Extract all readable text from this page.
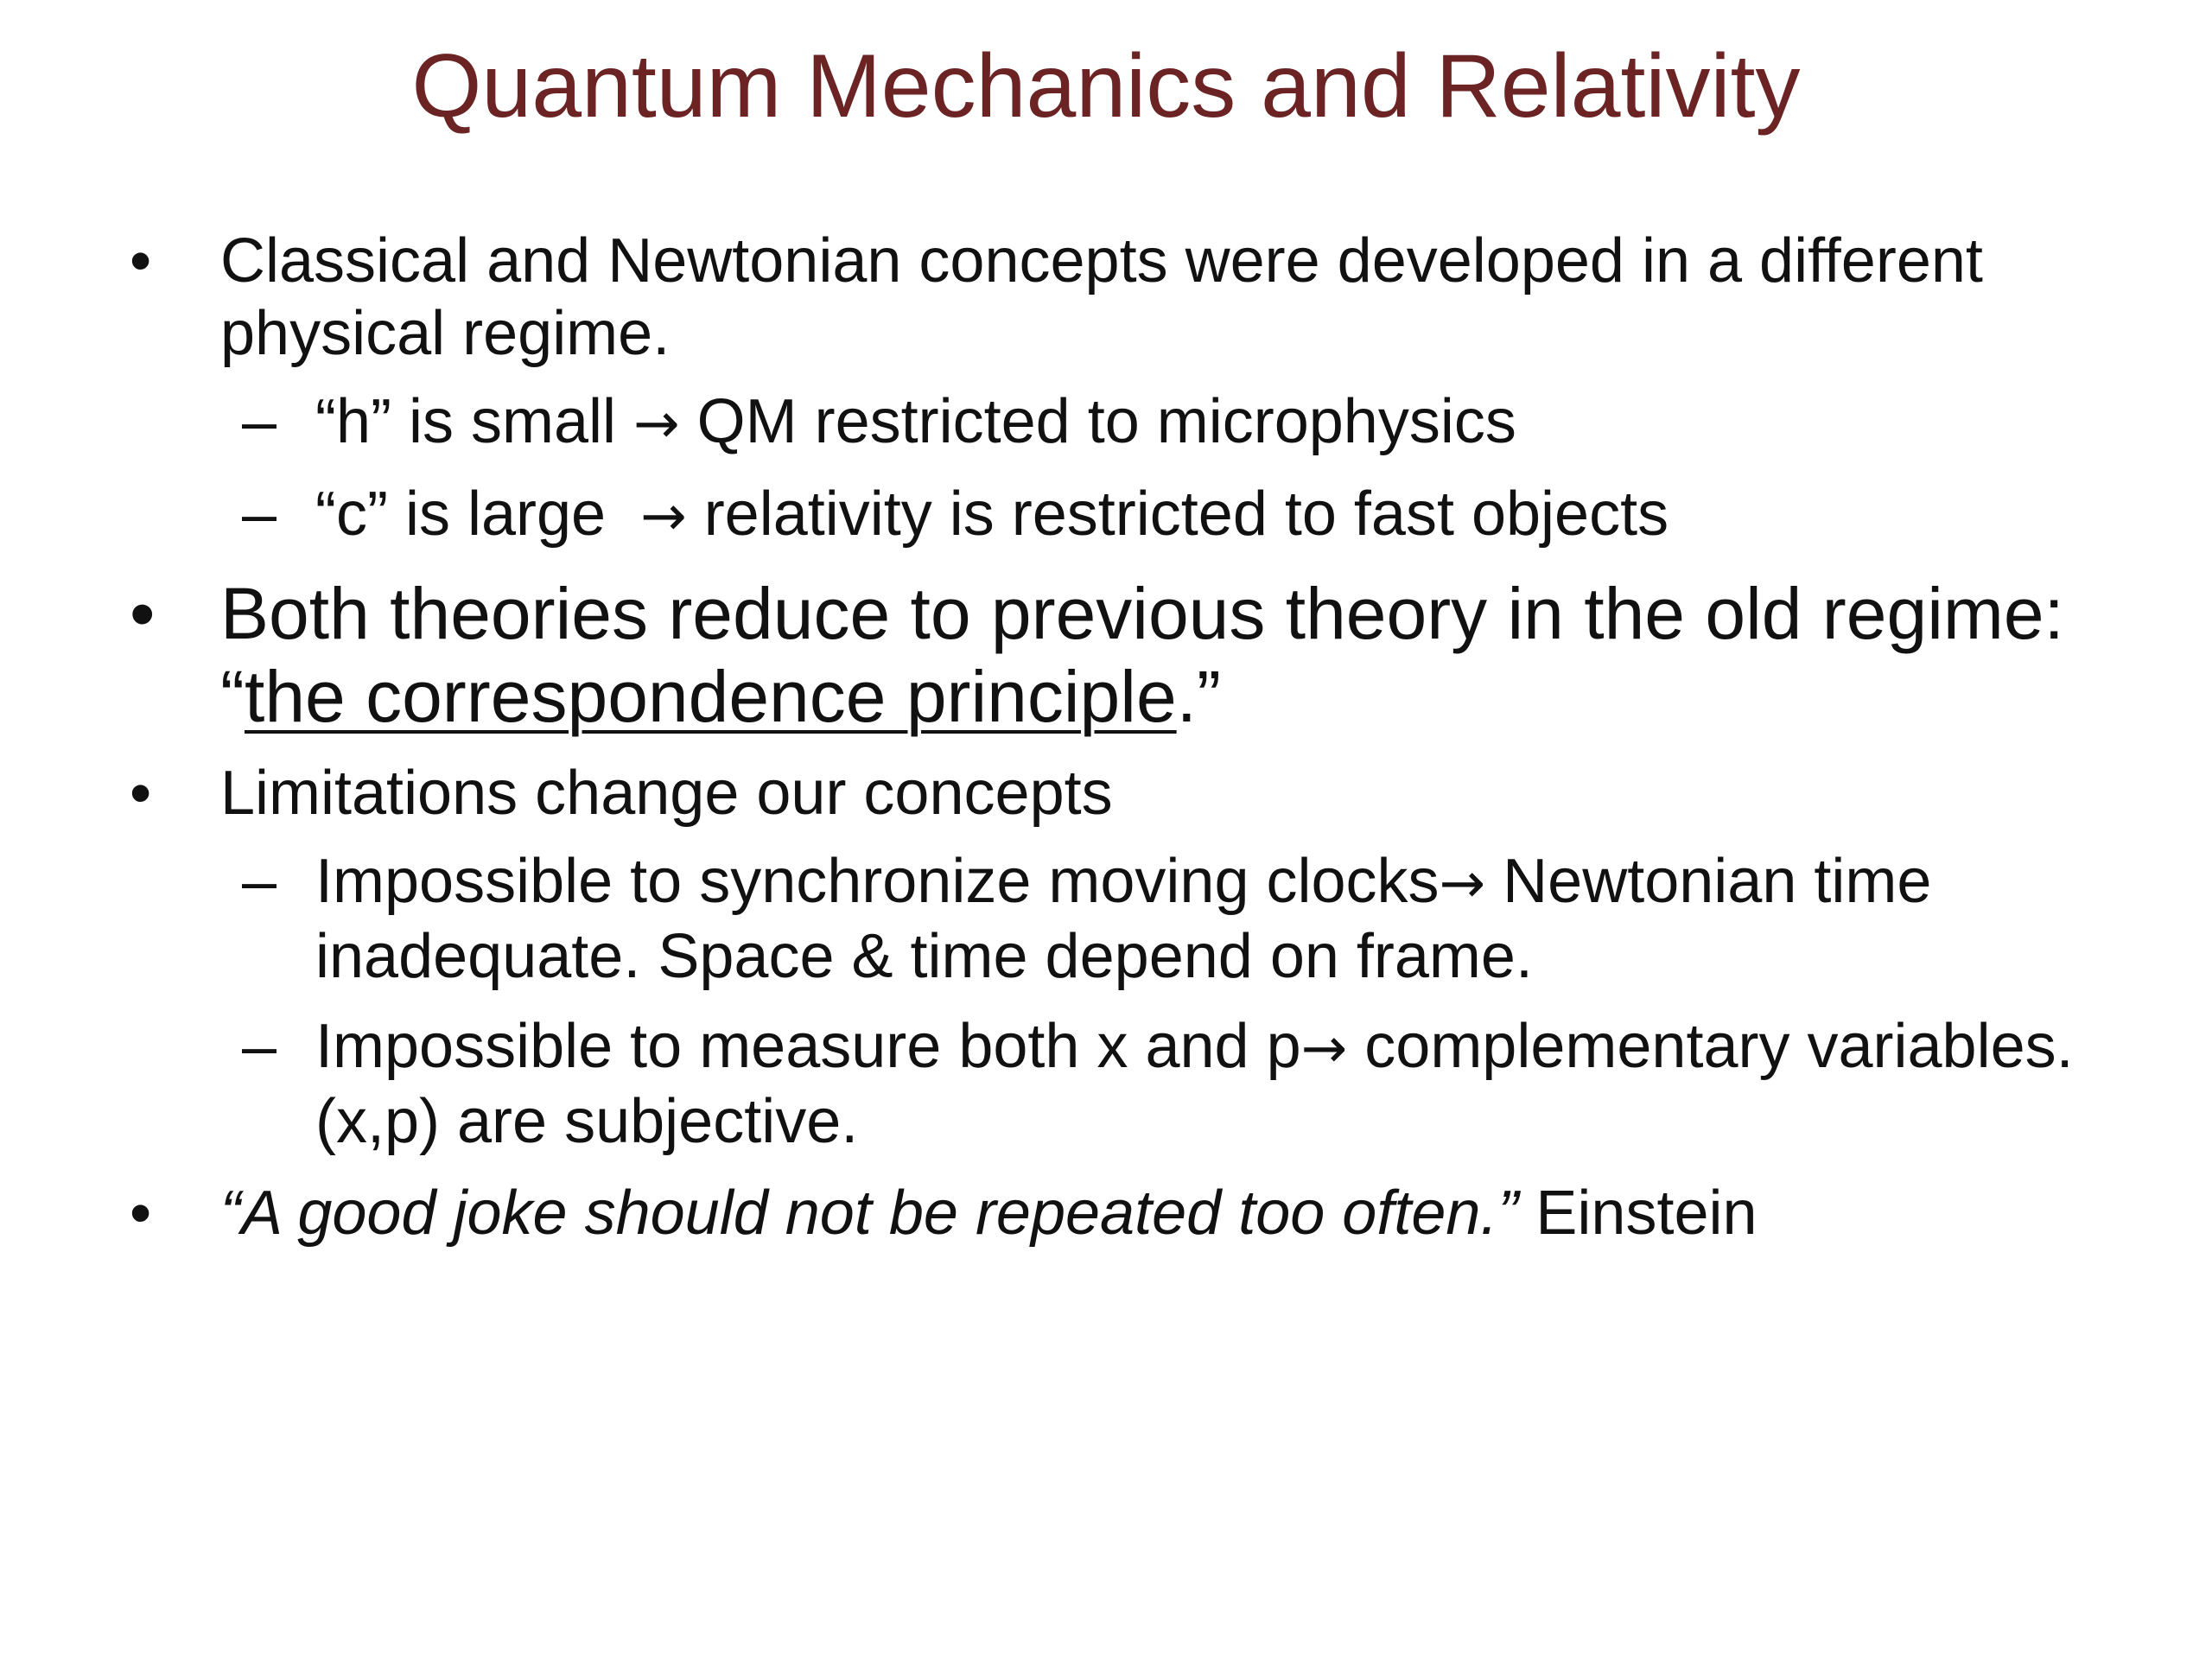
Quantum Mechanics and Relativity
• Classical and Newtonian concepts were developed in a different physical regime.
– “h” is small → QM restricted to microphysics
– “c” is large  → relativity is restricted to fast objects
• Both theories reduce to previous theory in the old regime: “the correspondence principle.”
• Limitations change our concepts
– Impossible to synchronize moving clocks→ Newtonian time inadequate. Space & time depend on frame.
– Impossible to measure both x and p→ complementary variables. (x,p) are subjective.
• “A good joke should not be repeated too often.” Einstein
